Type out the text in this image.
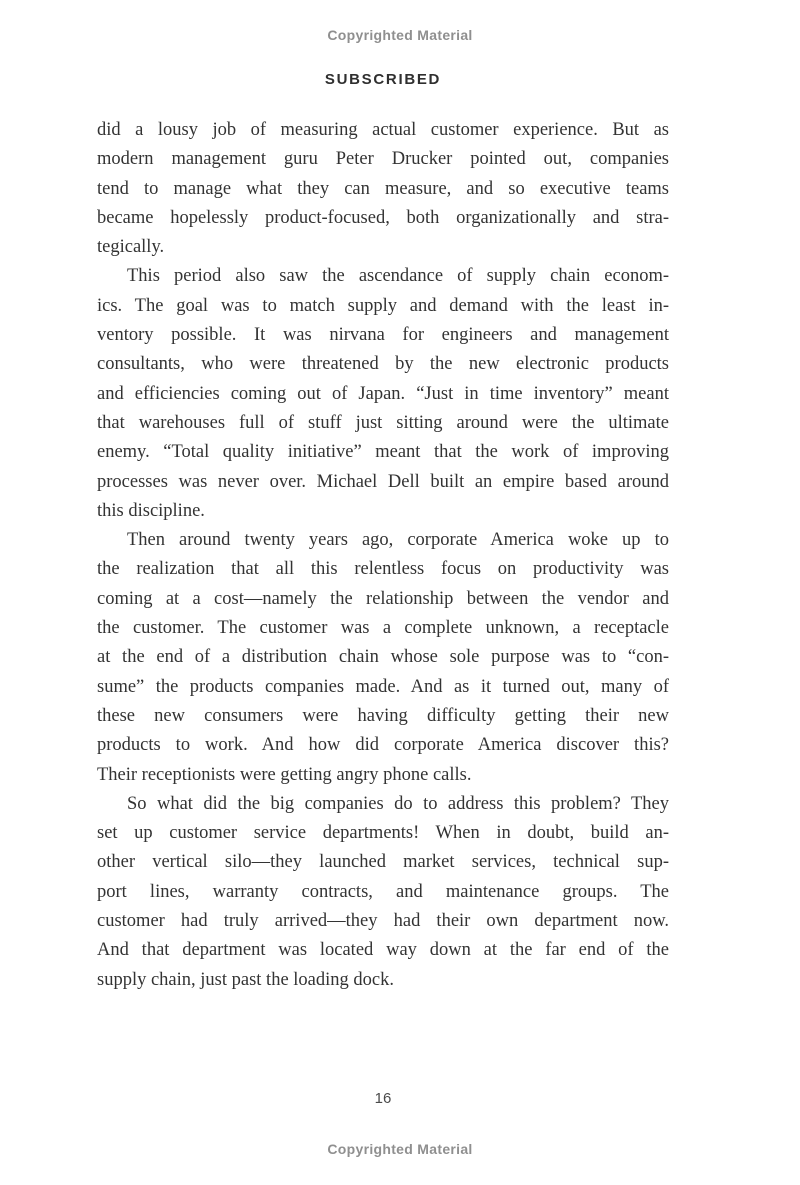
Copyrighted Material
SUBSCRIBED
did a lousy job of measuring actual customer experience. But as
modern management guru Peter Drucker pointed out, companies
tend to manage what they can measure, and so executive teams
became hopelessly product-focused, both organizationally and stra-
tegically.
This period also saw the ascendance of supply chain econom-
ics. The goal was to match supply and demand with the least in-
ventory possible. It was nirvana for engineers and management
consultants, who were threatened by the new electronic products
and efficiencies coming out of Japan. “Just in time inventory” meant
that warehouses full of stuff just sitting around were the ultimate
enemy. “Total quality initiative” meant that the work of improving
processes was never over. Michael Dell built an empire based around
this discipline.
Then around twenty years ago, corporate America woke up to
the realization that all this relentless focus on productivity was
coming at a cost—namely the relationship between the vendor and
the customer. The customer was a complete unknown, a receptacle
at the end of a distribution chain whose sole purpose was to “con-
sume” the products companies made. And as it turned out, many of
these new consumers were having difficulty getting their new
products to work. And how did corporate America discover this?
Their receptionists were getting angry phone calls.
So what did the big companies do to address this problem? They
set up customer service departments! When in doubt, build an-
other vertical silo—they launched market services, technical sup-
port lines, warranty contracts, and maintenance groups. The
customer had truly arrived—they had their own department now.
And that department was located way down at the far end of the
supply chain, just past the loading dock.
16
Copyrighted Material
